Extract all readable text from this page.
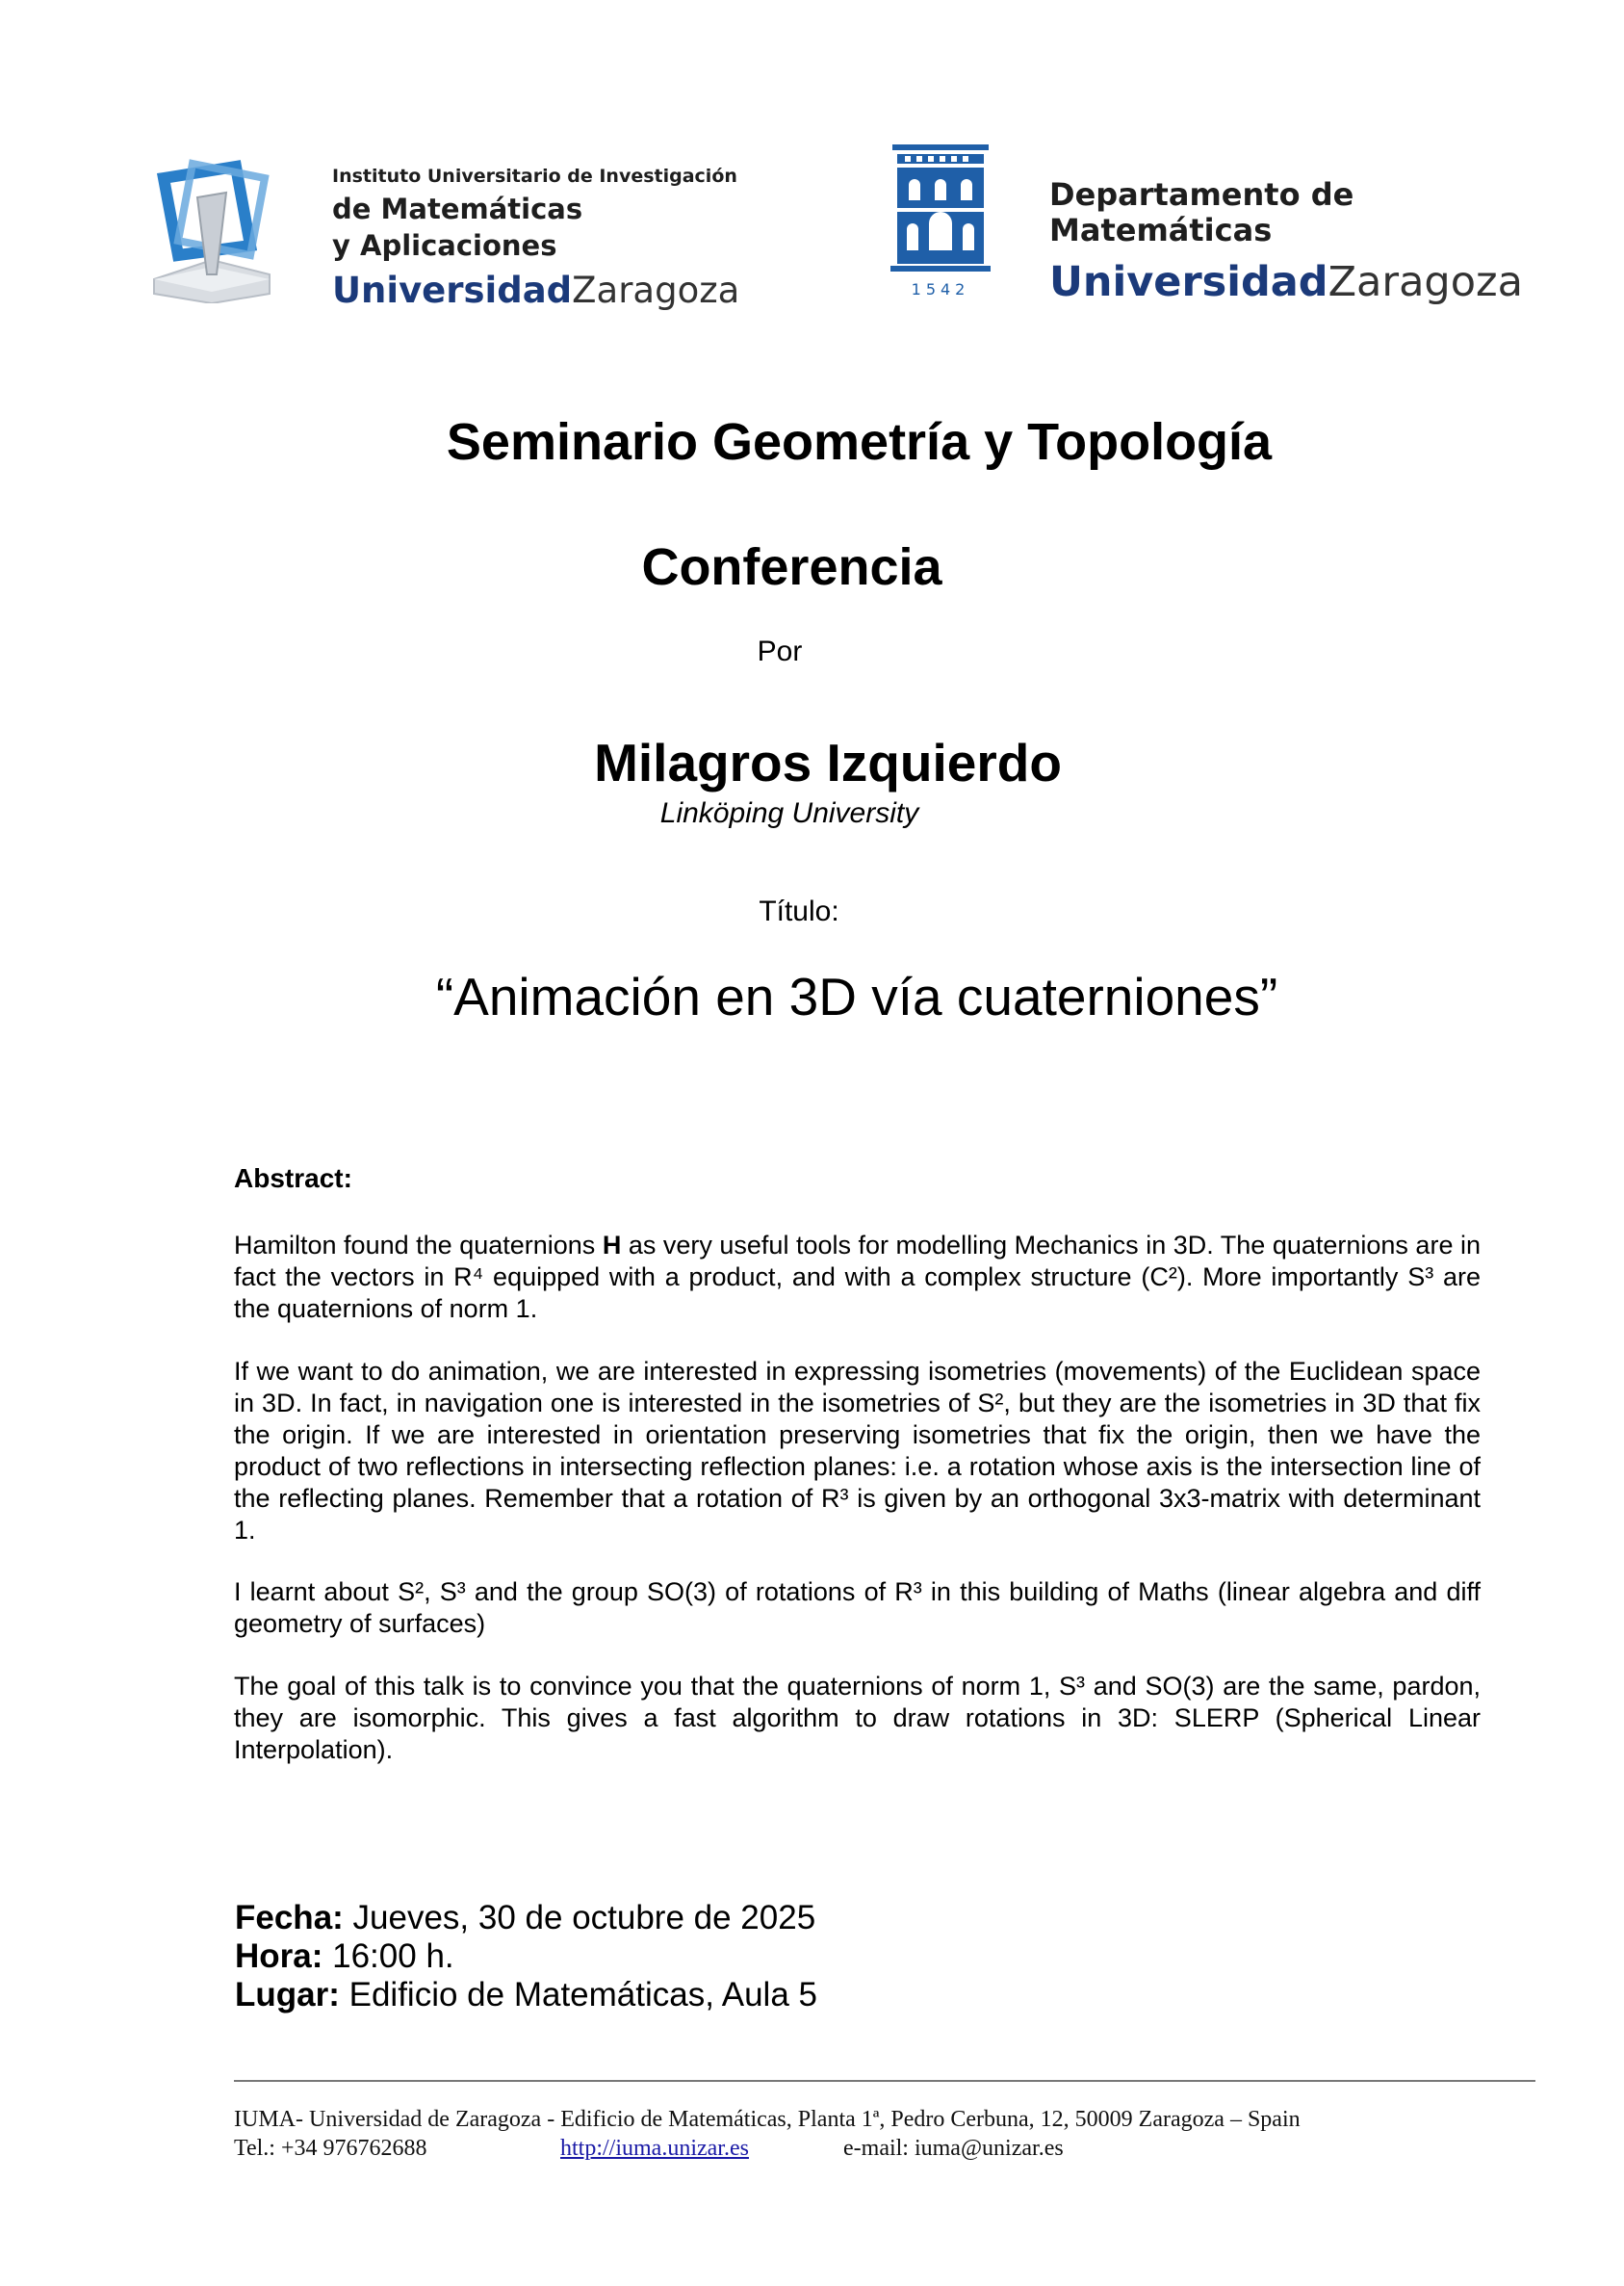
Instituto Universitario de Investigación
de Matemáticas
y Aplicaciones
UniversidadZaragoza	1542
Departamento de
Matemáticas
UniversidadZaragoza
Seminario Geometría y Topología
Conferencia
Por
Milagros Izquierdo
Linköping University
Título:
“Animación en 3D vía cuaterniones”
Abstract:
Hamilton found the quaternions H as very useful tools for modelling Mechanics in 3D. The quaternions are in fact the vectors in R⁴ equipped with a product, and with a complex structure (C²). More importantly S³ are the quaternions of norm 1.
If we want to do animation, we are interested in expressing isometries (movements) of the Euclidean space in 3D. In fact, in navigation one is interested in the isometries of S², but they are the isometries in 3D that fix the origin. If we are interested in orientation preserving isometries that fix the origin, then we have the product of two reflections in intersecting reflection planes: i.e. a rotation whose axis is the intersection line of the reflecting planes. Remember that a rotation of R³ is given by an orthogonal 3x3-matrix with determinant 1.
I learnt about S², S³ and the group SO(3) of rotations of R³ in this building of Maths (linear algebra and diff geometry of surfaces)
The goal of this talk is to convince you that the quaternions of norm 1, S³ and SO(3) are the same, pardon, they are isomorphic. This gives a fast algorithm to draw rotations in 3D: SLERP (Spherical Linear Interpolation).
Fecha: Jueves, 30 de octubre de 2025
Hora: 16:00 h.
Lugar: Edificio de Matemáticas, Aula 5
IUMA- Universidad de Zaragoza - Edificio de Matemáticas, Planta 1ª, Pedro Cerbuna, 12, 50009 Zaragoza – Spain
Tel.: +34 976762688	http://iuma.unizar.es	e-mail: iuma@unizar.es
